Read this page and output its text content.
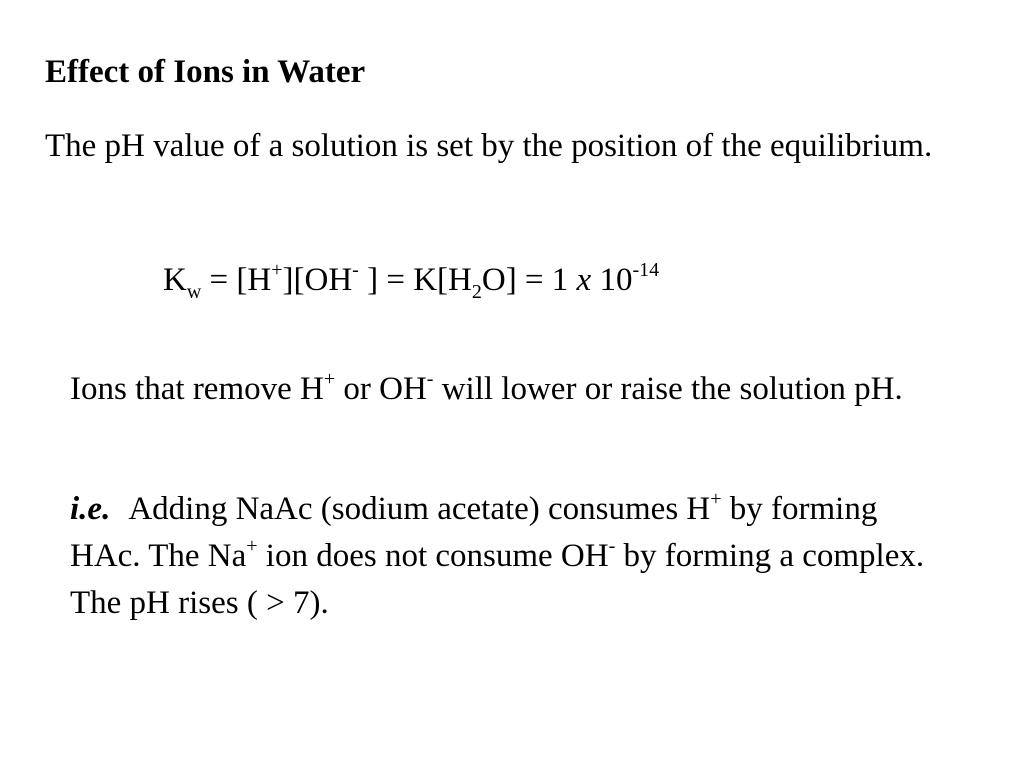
Effect of Ions in Water
The pH value of a solution is set by the position of the equilibrium.
$K_w = [H^+][OH^-$ ] = $K[H_2O] = 1$ x $10^{-14}$
Ions that remove H+ or OH- will lower or raise the solution pH.
i.e. Adding NaAc (sodium acetate) consumes H+ by forming HAc. The Na+ ion does not consume OH- by forming a complex. The pH rises ( > 7).
